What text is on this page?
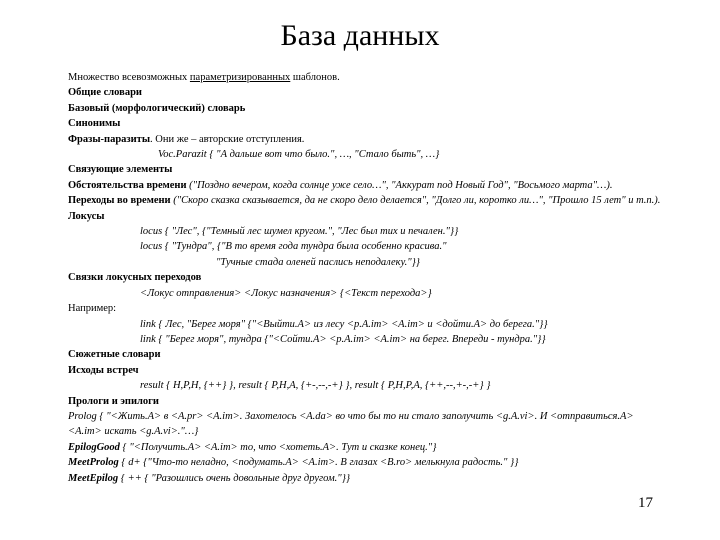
База данных
Множество всевозможных параметризированных шаблонов.
Общие словари
Базовый (морфологический) словарь
Синонимы
Фразы-паразиты. Они же – авторские отступления.
Voc.Parazit { "А дальше вот что было.", …, "Стало быть", …}
Связующие элементы
Обстоятельства времени ("Поздно вечером, когда солнце уже село…", "Аккурат под Новый Год", "Восьмого марта"…).
Переходы во времени ("Скоро сказка сказывается, да не скоро дело делается", "Долго ли, коротко ли…", "Прошло 15 лет" и т.п.).
Локусы
locus { "Лес", {"Темный лес шумел кругом.", "Лес был тих и печален."}}
locus { "Тундра", {"В то время года тундра была особенно красива."
"Тучные стада оленей паслись неподалеку."}}
Связки локусных переходов
<Локус отправления> <Локус назначения> {<Текст перехода>}
Например:
link { Лес, "Берег моря" {"<Выйти.A> из лесу <p.A.im> <A.im> и <дойти.A> до берега."}}
link { "Берег моря", тундра {"<Сойти.A> <p.A.im> <A.im> на берег. Впереди - тундра."}}
Сюжетные словари
Исходы встреч
result { H,P,H, {++} }, result { P,H,A, {+-,--,-+} }, result { P,H,P,A, {++,--,+-,-+} }
Прологи и эпилоги
Prolog { "<Жить.A> в <A.pr> <A.im>. Захотелось <A.da> во что бы то ни стало заполучить <g.A.vi>. И <отправиться.A> <A.im> искать <g.A.vi>."…}
EpilogGood { "<Получить.A> <A.im> то, что <хотеть.A>. Тут и сказке конец."}
MeetProlog { d+ {"Что-то неладно, <подумать.A> <A.im>. В глазах <B.ro> мелькнула радость." }}
MeetEpilog { ++ { "Разошлись очень довольные друг другом."}}
17
